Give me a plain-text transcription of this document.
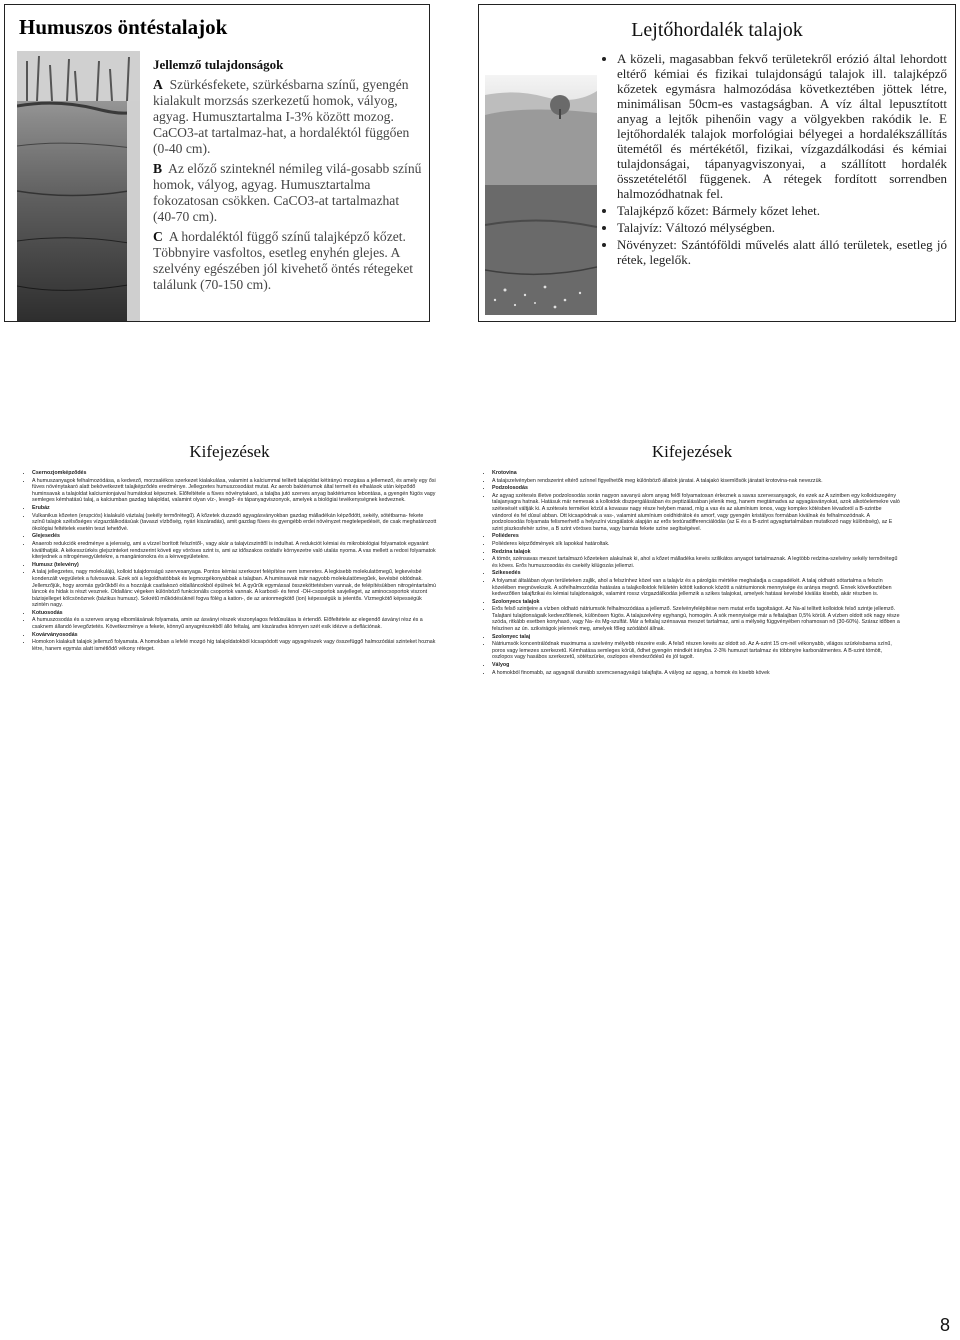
Humuszos öntéstalajok
Jellemző tulajdonságok

A Szürkésfekete, szürkésbarna színű, gyengén kialakult morzsás szerkezetű homok, vályog, agyag. Humusztartalma I-3% között mozog. CaCO3-at tartalmaz-hat, a hordaléktól függően (0-40 cm).

B Az előző szinteknél némileg vilá-gosabb színű homok, vályog, agyag. Humusztartalma fokozatosan csökken. CaCO3-at tartalmazhat (40-70 cm).

C A hordaléktól függő színű talajképző kőzet. Többnyire vasfoltos, esetleg enyhén glejes. A szelvény egészében jól kivehető öntés rétegeket találunk (70-150 cm).

Lejtőhordalék talajok
• A közeli, magasabban fekvő területekről erózió által lehordott eltérő kémiai és fizikai tulajdonságú talajok ill. talajképző kőzetek egymásra halmozódása következtében jöttek létre, minimálisan 50cm-es vastagságban. A víz által lepusztított anyag a lejtők pihenőin vagy a völgyekben rakódik le. E lejtőhordalék talajok morfológiai bélyegei a hordalékszállítás ütemétől és mértékétől, fizikai, vízgazdálkodási és kémiai tulajdonságai, tápanyagviszonyai, a szállított hordalék összetételétől függenek. A rétegek fordított sorrendben halmozódhatnak fel.
• Talajképző kőzet: Bármely kőzet lehet.
• Talajvíz: Változó mélységben.
• Növényzet: Szántóföldi művelés alatt álló területek, esetleg jó rétek, legelők.
Kifejezések
• Csernozjomképződés
• A humuszanyagok felhalmozódása, a kedvező, morzsalékos szerkezet kialakulása, valamint a kalciummal telített talajoldat kétirányú mozgása a jellemező, és amely egy ősi füves növénytakaró alatt bekövetkezett talajképződés eredménye. Jellegzetes humuszosodást mutat. Az aerob baktériumok által termelt és elhalások után képződő huminsavak a talajoldat kalciumionjaival humátokat képeznek. Előfeltétele a füves növénytakaró, a talajba jutó szerves anyag baktériumos lebontása, a gyengén fügös vagy semleges kémhatású talaj, a kalciumban gazdag talajoldat, valamint olyan víz-, levegő- és tápanyagviszonyok, amelyek a biológiai tevékenységnek kedveznek.
• Erubáz
• Vulkanikus kőzeten (erupciós) kialakuló váztalaj (sekély termőrétegű). A kőzetek duzzadó agyagásványokban gazdag málladékán képződött, sekély, sötétbarna- fekete színű talajok szélsőséges vízgazdálkodásúak (tavaszi vízbőség, nyári kiszáradás), amit gazdag füves és gyengébb erdei növényzet megtelepedését, de csak meghatározott ökológiai feltételek esetén teszi lehetővé.
• Glejesedés
• Anaerob redukciók eredménye a jelenség, ami a vízzel borított felszíntől-, vagy akár a talajvízszinttől is indulhat. A redukciót kémiai és mikrobiológiai folyamatok egyaránt kiválthatják. A kékesszürkés glejszinteket rendszerint követi egy vöröses szint is, ami az időszakos oxidatív környezetre való utalás nyoma. A vas mellett a redoxi folyamatok kiterjednek a nitrogénvegyületekre, a mangánionokra és a kénvegyületekre.
• Humusz (televény)
• A talaj jellegzetes, nagy molekulájú, kolloid tulajdonságú szervesanyaga. Pontos kémiai szerkezet felépítése nem ismeretes. A legkisebb molekulatömegű, legkevésbé kondenzált vegyületek a fulvosavak. Ezek sói a legoldhatóbbak és legmozgékonyabbak a talajban. A huminsavak már nagyobb molekulatömegűek, kevésbé oldódnak. Jellemzőjük, hogy aromás gyűrűkből és a hozzájuk csatlakozó oldalláncokból épülnek fel. A gyűrűk egymással összeköttetésben vannak, de felépítésükben nitrogéntartalmú láncok és hidak is részt vesznek. Oldallánc végeken különböző funkcionális csoportok vannak. A karboxil- és fenol -OH-csoportok savjelleget, az aminocsoportok viszont bázisjelleget kölcsönöznek (bázikus humusz). Sokrétű működésüknél fogva fölég a kation-, de az anionmegkötő (ion) képességük is jelentős. Vízmegkötő képességük szintén nagy.
• Kotuosodás
• A humuszosodás és a szerves anyag elbomlásának folyamata, amin az ásványi részek viszonylagos feldúsulása is értendő. Előfeltétele az elegendő ásványi rész és a csaknem állandó levegőztetés. Következménye a fekete, könnyű anyagrészekből álló feltalaj, ami kiszáradva könnyen szét esik idézve a deflációnak.
• Kovárványosodás
• Homokon kialakult talajok jellemző folyamata. A homokban a lefelé mozgó híg talajoldatokból kicsapódott vagy agyagrészek vagy összefüggő halmozódási szinteket hoznak létre, hanem egymás alatt ismétlődő vékony réteget.
Kifejezések
• Krotovina
• A talajszelvényben rendszerint eltérő színnel figyelhetők meg különböző állatok járatai. A talajakó kisemlősök járatait krotovina-nak nevezzük.
• Podzolosodás
• Az agyag szétesés illetve podzolosodás során nagyon savanyú alom anyag felől folyamatosan érkeznek a savas szervesanyagok, és ezek az A szintben egy kolloidszegény talajanyagra hatnak. Hatásuk már nemesak a kolloidok diszpergálásában és peptizálásában jelenik meg, hanem megtámadva az agyagásványokat, azok alkotóelemekre való szétesését váltják ki. A szétesés termékei közül a kovasav nagy része helyben marad, míg a vas és az alumínium ionos, vagy komplex kötésben lévadoról a B-szintbe vándorol és fel dúsul abban. Ott kicsapódnak a vas-, valamint alumínium oxidhidrátok és amorf, vagy gyengén kristályos formában kiválnak és felhalmozódnak. A podzolosodás folyamata felismerhető a helyszíni vizsgálatok alapján az erős textúradifferenciálódás (az E és a B-szint agyagtartalmában mutatkozó nagy különbség), az E szint piszkosfehér színe, a B szint vöröses barna, vagy barnás fekete színe segítségével.
• Poliéderes
• Poliéderes képződmények sík lapokkal határoltak.
• Redzina talajok
• A tömör, szénsavas meszet tartalmazó kőzeteken alakulnak ki, ahol a kőzet málladéka kevés szilikátos anyagot tartalmaznak. A legtöbb redzina-szelvény sekély termőrétegű és köves. Erős humuszosodás és csekély kilúgozás jellemzi.
• Szikesedés
• A folyamat általában olyan területeken zajlik, ahol a felszínhez közel van a talajvíz és a párolgás mértéke meghaladja a csapadékét. A talaj oldható sótartalma a felszín közelében megnövekszik. A sófelhalmozódás hatására a talajkolloidok felületén kötött kationok között a nátriumionok mennyisége és aránya megnő. Ennek következtében kedvezőtlen talajfizikai és kémiai tulajdonságok, valamint rossz vízgazdálkodás jellemzik a szikes talajokat, amelyek hatásai kevésbé kiválás kisebb, akár részben is.
• Szolonyecs talajok
• Erős felső szintjeire a vízben oldható nátriumsók felhalmozódása a jellemző. Szelvényfelépítése nem mutat erős tagoltságot. Az Na-al telített kolloidok felső szintje jellemző. Talajtani tulajdonságaik kedvezőtlenek, különösen fügös. A talajszelvény egyhangú, homogén. A sók mennyisége már a feltalajban 0,5% körüli. A vízben oldott sók nagy része szóda, ritkább esetben konyhasó, vagy Na- és Mg-szulfát. Már a feltalaj szénsavas meszet tartalmaz, ami a mélység függvényében rohamosan nő (30-60%). Száraz időben a felszínen az ún. szikvirágok jelennek meg, amelyek főleg szódából állnak.
• Szolonyec talaj
• Nátriumsók koncentrálódnak maximuma a szelvény mélyebb részeire esik. A felső részen kevés az oldott só. Az A-szint 15 cm-nél vékonyabb, világos szürkésbarna színű, poros vagy lemezes szerkezetű. Kémhatása semleges körüli, ődhet gyengén mindkét irányba. 2-3% humuszt tartalmaz és többnyire karbonátmentes. A B-szint tömött, oszlopos vagy hasábos szerkezetű, sötétszürke, oszlopos elrendeződésű és jól tagolt.
• Vályog
• A homokból finomabb, az agyagnál durvább szemcsenagyságú talajfajta. A vályog az agyag, a homok és kisebb kövek
8
